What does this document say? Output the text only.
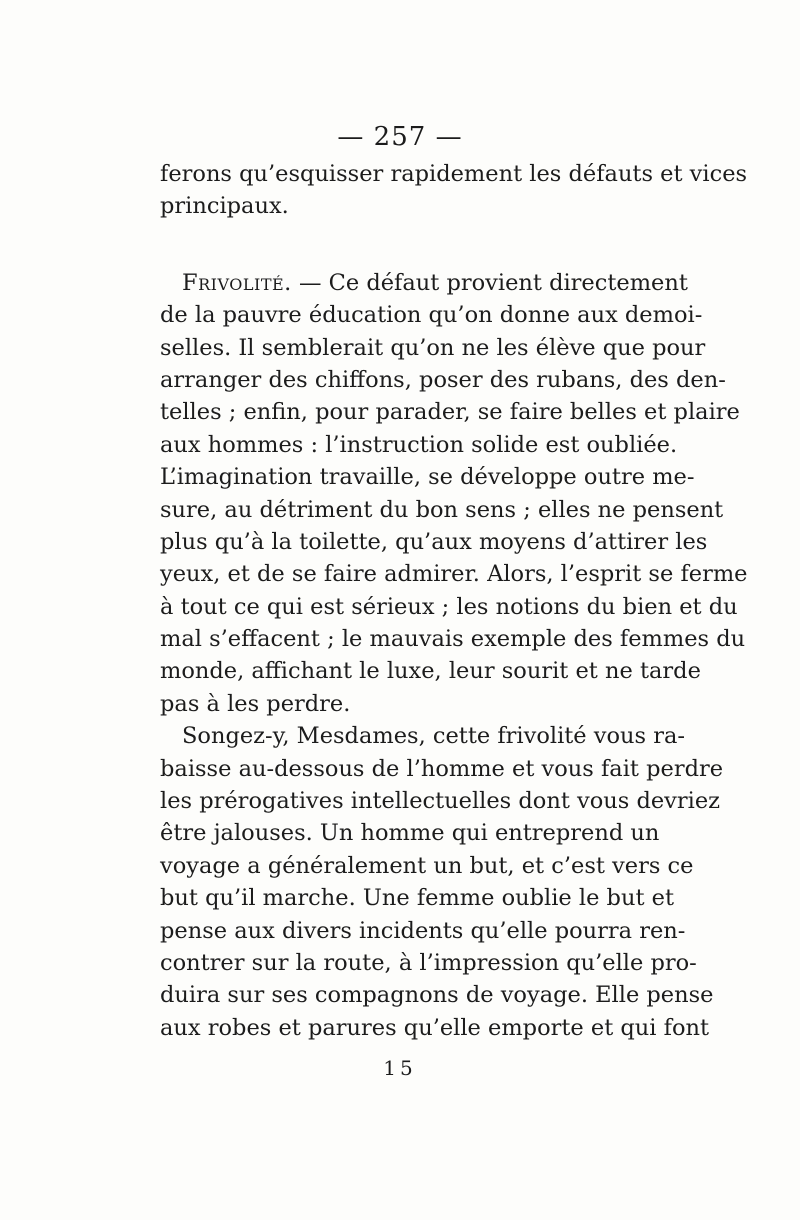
— 257 —
ferons qu’esquisser rapidement les défauts et vices
principaux.
Frivolité. — Ce défaut provient directement
de la pauvre éducation qu’on donne aux demoi-
selles. Il semblerait qu’on ne les élève que pour
arranger des chiffons, poser des rubans, des den-
telles ; enfin, pour parader, se faire belles et plaire
aux hommes : l’instruction solide est oubliée.
L’imagination travaille, se développe outre me-
sure, au détriment du bon sens ; elles ne pensent
plus qu’à la toilette, qu’aux moyens d’attirer les
yeux, et de se faire admirer. Alors, l’esprit se ferme
à tout ce qui est sérieux ; les notions du bien et du
mal s’effacent ; le mauvais exemple des femmes du
monde, affichant le luxe, leur sourit et ne tarde
pas à les perdre.
Songez-y, Mesdames, cette frivolité vous ra-
baisse au-dessous de l’homme et vous fait perdre
les prérogatives intellectuelles dont vous devriez
être jalouses. Un homme qui entreprend un
voyage a généralement un but, et c’est vers ce
but qu’il marche. Une femme oublie le but et
pense aux divers incidents qu’elle pourra ren-
contrer sur la route, à l’impression qu’elle pro-
duira sur ses compagnons de voyage. Elle pense
aux robes et parures qu’elle emporte et qui font
15
